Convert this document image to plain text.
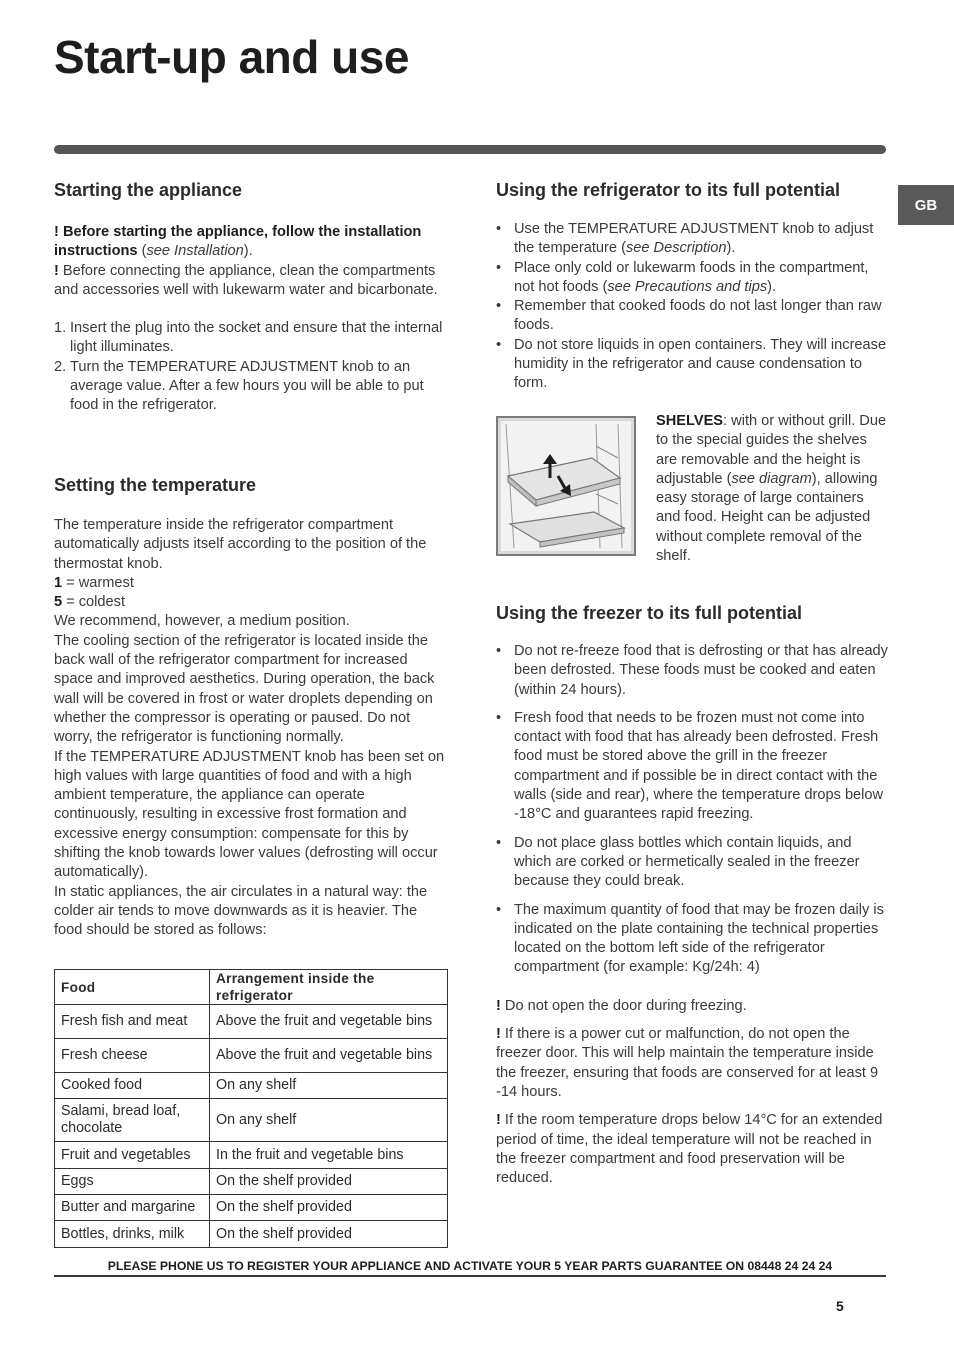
Start-up and use
GB
Starting the appliance

! Before starting the appliance, follow the installation instructions (see Installation).

! Before connecting the appliance, clean the compartments and accessories well with lukewarm water and bicarbonate.

1. Insert the plug into the socket and ensure that the internal light illuminates.
2. Turn the TEMPERATURE ADJUSTMENT knob to an average value. After a few hours you will be able to put food in the refrigerator.
Setting the temperature

The temperature inside the refrigerator compartment automatically adjusts itself according to the position of the thermostat knob.

1 = warmest

5 = coldest

We recommend, however, a medium position.

The cooling section of the refrigerator is located inside the back wall of the refrigerator compartment for increased space and improved aesthetics. During operation, the back wall will be covered in frost or water droplets depending on whether the compressor is operating or paused. Do not worry, the refrigerator is functioning normally.

If the TEMPERATURE ADJUSTMENT knob has been set on high values with large quantities of food and with a high ambient temperature, the appliance can operate continuously, resulting in excessive frost formation and excessive energy consumption: compensate for this by shifting the knob towards lower values (defrosting will occur automatically).

In static appliances, the air circulates in a natural way: the colder air tends to move downwards as it is heavier. The food should be stored as follows:

Food	Arrangement inside the refrigerator
Fresh fish and meat	Above the fruit and vegetable bins
Fresh cheese	Above the fruit and vegetable bins
Cooked food	On any shelf
Salami, bread loaf, chocolate	On any shelf
Fruit and vegetables	In the fruit and vegetable bins
Eggs	On the shelf provided
Butter and margarine	On the shelf provided
Bottles, drinks, milk	On the shelf provided
Using the refrigerator to its full potential
• Use the TEMPERATURE ADJUSTMENT knob to adjust the temperature (see Description).
• Place only cold or lukewarm foods in the compartment, not hot foods (see Precautions and tips).
• Remember that cooked foods do not last longer than raw foods.
• Do not store liquids in open containers. They will increase humidity in the refrigerator and cause condensation to form.

SHELVES: with or without grill. Due to the special guides the shelves are removable and the height is adjustable (see diagram), allowing easy storage of large containers and food. Height can be adjusted without complete removal of the shelf.

Using the freezer to its full potential
• Do not re-freeze food that is defrosting or that has already been defrosted. These foods must be cooked and eaten (within 24 hours).
• Fresh food that needs to be frozen must not come into contact with food that has already been defrosted. Fresh food must be stored above the grill in the freezer compartment and if possible be in direct contact with the walls (side and rear), where the temperature drops below -18°C and guarantees rapid freezing.
• Do not place glass bottles which contain liquids, and which are corked or hermetically sealed in the freezer because they could break.
• The maximum quantity of food that may be frozen daily is indicated on the plate containing the technical properties located on the bottom left side of the refrigerator compartment (for example: Kg/24h: 4)

! Do not open the door during freezing.

! If there is a power cut or malfunction, do not open the freezer door. This will help maintain the temperature inside the freezer, ensuring that foods are conserved for at least 9 -14 hours.

! If the room temperature drops below 14°C for an extended period of time, the ideal temperature will not be reached in the freezer compartment and food preservation will be reduced.

PLEASE PHONE US TO REGISTER YOUR APPLIANCE AND ACTIVATE YOUR 5 YEAR PARTS GUARANTEE ON 08448 24 24 24
5
